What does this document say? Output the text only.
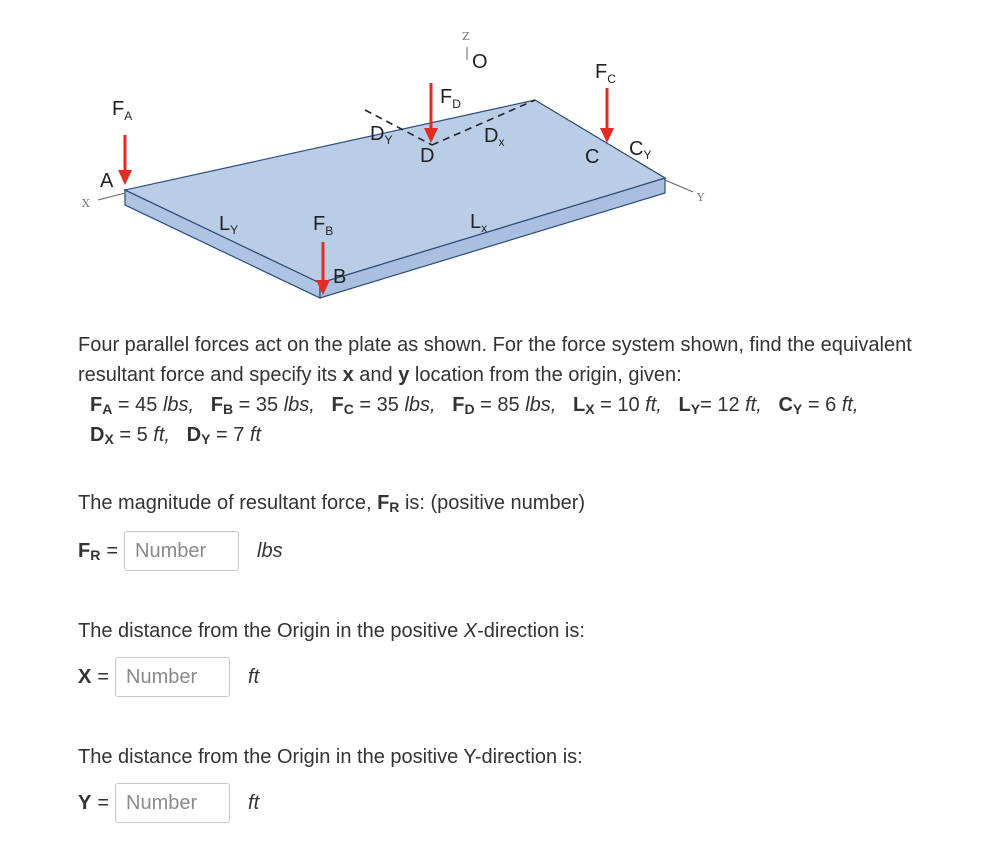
X	Y
Z
O
$D_Y$	$D_x$	$C_Y$
$L_Y$	$L_x$
$F_A$
A
$F_B$
B
$F_C$
C
$F_D$
D

Four parallel forces act on the plate as shown. For the force system shown, find the equivalent resultant force and specify its x and y location from the origin, given:

$F_A = 45$ lbs, $F_B = 35$ lbs, $F_C = 35$ lbs, $F_D = 85$ lbs, $L_X = 10$ ft, $L_Y= 12$ ft, $C_Y = 6$ ft,
$D_X = 5$ ft, $D_Y = 7$ ft
The magnitude of resultant force, $F_R$ is: (positive number)
$F_R$ =
Number	lbs
The distance from the Origin in the positive X-direction is:
X =
Number	ft
The distance from the Origin in the positive Y-direction is:
Y =
Number	ft
